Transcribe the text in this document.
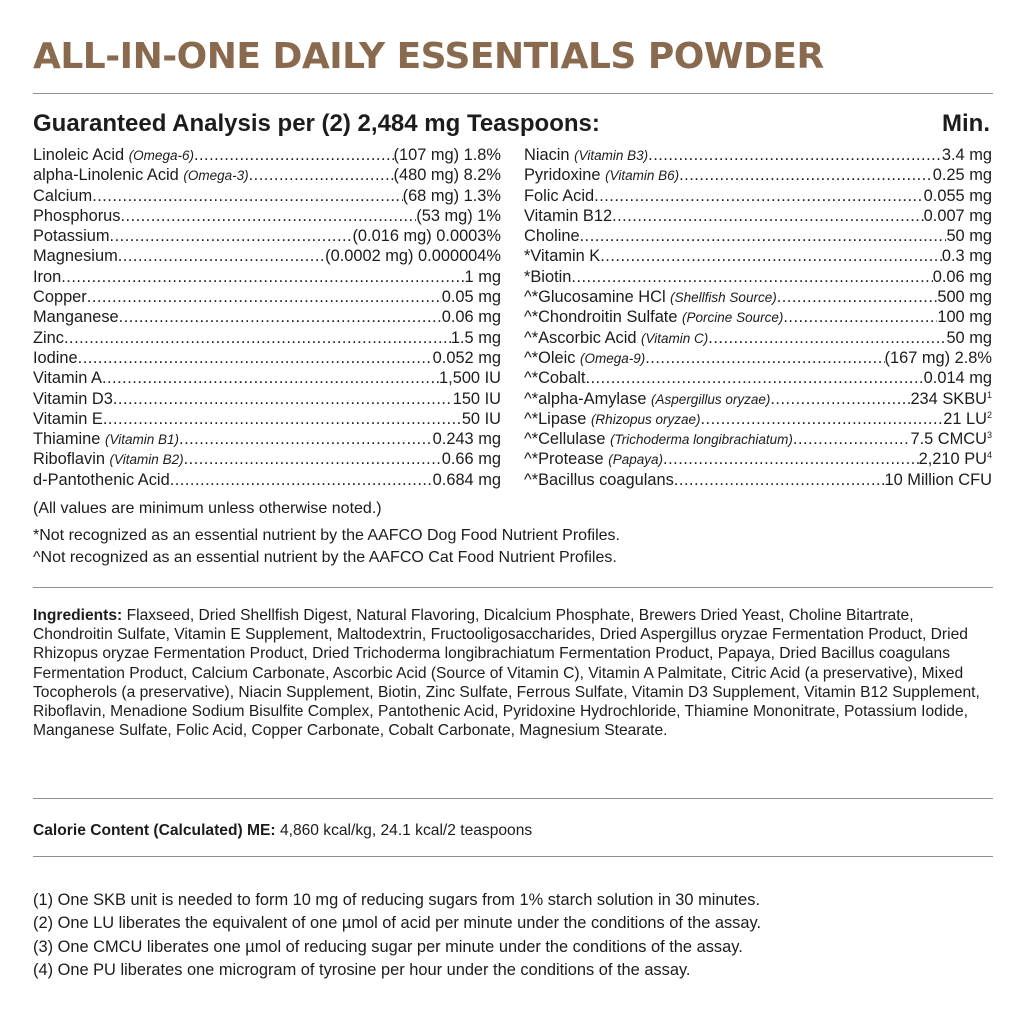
ALL-IN-ONE DAILY ESSENTIALS POWDER
Guaranteed Analysis per (2) 2,484 mg Teaspoons:	Min.
Linoleic Acid (Omega-6) .....	(107 mg) 1.8%
alpha-Linolenic Acid (Omega-3) .....	(480 mg) 8.2%
Calcium .....	(68 mg) 1.3%
Phosphorus .....	(53 mg) 1%
Potassium .....	(0.016 mg) 0.0003%
Magnesium .....	(0.0002 mg) 0.000004%
Iron .....	1 mg
Copper .....	0.05 mg
Manganese .....	0.06 mg
Zinc .....	1.5 mg
Iodine .....	0.052 mg
Vitamin A .....	1,500 IU
Vitamin D3 .....	150 IU
Vitamin E .....	50 IU
Thiamine (Vitamin B1) .....	0.243 mg
Riboflavin (Vitamin B2) .....	0.66 mg
d-Pantothenic Acid .....	0.684 mg
Niacin (Vitamin B3) .....	3.4 mg
Pyridoxine (Vitamin B6) .....	0.25 mg
Folic Acid .....	0.055 mg
Vitamin B12 .....	0.007 mg
Choline .....	50 mg
*Vitamin K .....	0.3 mg
*Biotin .....	0.06 mg
^*Glucosamine HCl (Shellfish Source) .....	500 mg
^*Chondroitin Sulfate (Porcine Source) .....	100 mg
^*Ascorbic Acid (Vitamin C) .....	50 mg
^*Oleic (Omega-9) .....	(167 mg) 2.8%
^*Cobalt .....	0.014 mg
^*alpha-Amylase (Aspergillus oryzae) .....	234 SKBU$^1$
^*Lipase (Rhizopus oryzae) .....	21 $LU^2$
^*Cellulase (Trichoderma longibrachiatum) .....	7.5 CMCU$^3$
^*Protease (Papaya) .....	2,210 $PU^4$
^*Bacillus coagulans .....	10 Million CFU
(All values are minimum unless otherwise noted.)
*Not recognized as an essential nutrient by the AAFCO Dog Food Nutrient Profiles.
^Not recognized as an essential nutrient by the AAFCO Cat Food Nutrient Profiles.
Ingredients: Flaxseed, Dried Shellfish Digest, Natural Flavoring, Dicalcium Phosphate, Brewers Dried Yeast, Choline Bitartrate, Chondroitin Sulfate, Vitamin E Supplement, Maltodextrin, Fructooligosaccharides, Dried Aspergillus oryzae Fermentation Product, Dried Rhizopus oryzae Fermentation Product, Dried Trichoderma longibrachiatum Fermentation Product, Papaya, Dried Bacillus coagulans Fermentation Product, Calcium Carbonate, Ascorbic Acid (Source of Vitamin C), Vitamin A Palmitate, Citric Acid (a preservative), Mixed Tocopherols (a preservative), Niacin Supplement, Biotin, Zinc Sulfate, Ferrous Sulfate, Vitamin D3 Supplement, Vitamin B12 Supplement, Riboflavin, Menadione Sodium Bisulfite Complex, Pantothenic Acid, Pyridoxine Hydrochloride, Thiamine Mononitrate, Potassium Iodide, Manganese Sulfate, Folic Acid, Copper Carbonate, Cobalt Carbonate, Magnesium Stearate.
Calorie Content (Calculated) ME: 4,860 kcal/kg, 24.1 kcal/2 teaspoons
(1) One SKB unit is needed to form 10 mg of reducing sugars from 1% starch solution in 30 minutes.
(2) One LU liberates the equivalent of one µmol of acid per minute under the conditions of the assay.
(3) One CMCU liberates one µmol of reducing sugar per minute under the conditions of the assay.
(4) One PU liberates one microgram of tyrosine per hour under the conditions of the assay.
